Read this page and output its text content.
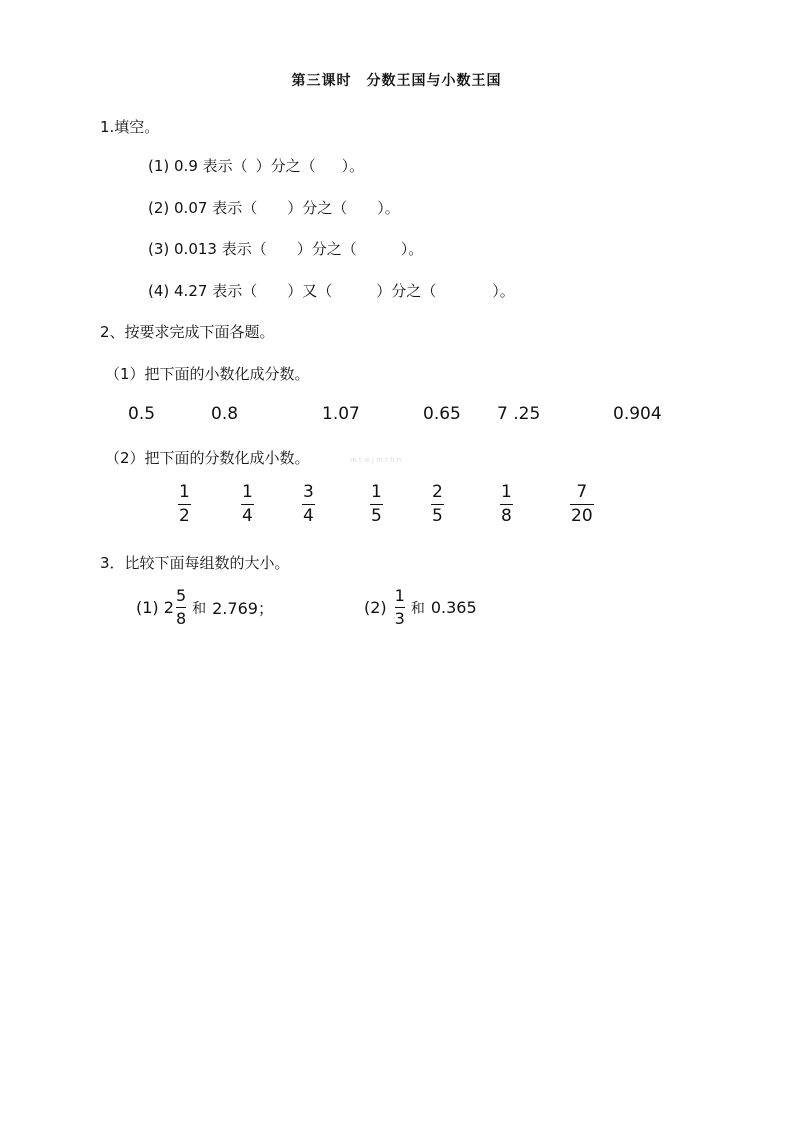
第三课时　分数王国与小数王国
1.填空。
(1) 0.9 表示（ ）分之（ ）。
(2) 0.07 表示（ ）分之（ ）。
(3) 0.013 表示（ ）分之（	）。
(4) 4.27 表示（ ）又（	）分之（	）。
2、按要求完成下面各题。
（1）把下面的小数化成分数。
0.5	0.8	1.07	0.65 7 .25	0.904
（2）把下面的分数化成小数。	m t w j m t h h
1
2
1
4
3
4
1
5
2
5
1
8
7
20
3．比较下面每组数的大小。
(1) $2 \frac{5}{8}$ 和 2.769；	$(2) \frac{1}{3}$ 和 0.365
